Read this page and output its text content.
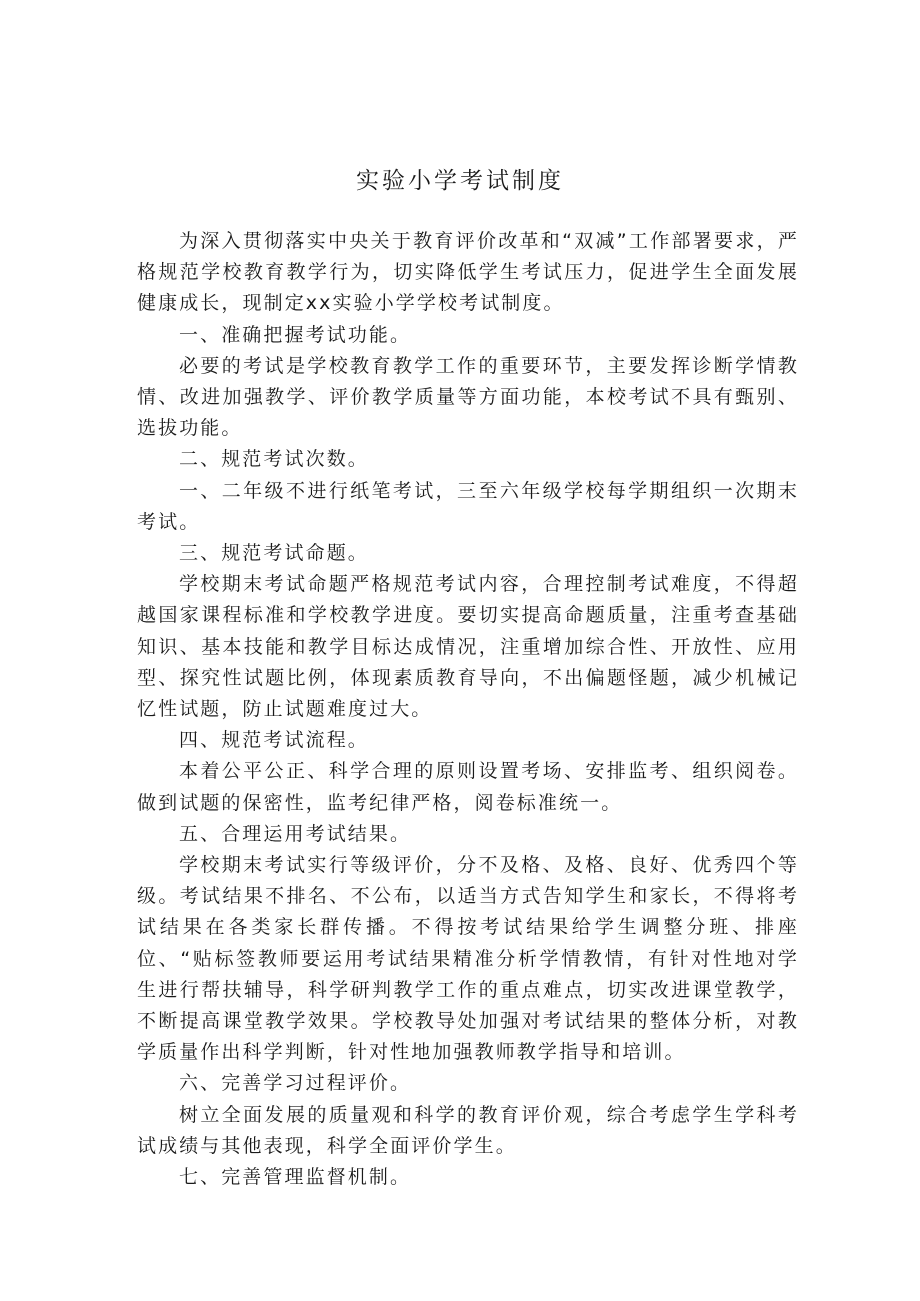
实验小学考试制度

为深入贯彻落实中央关于教育评价改革和“双减”工作部署要求，严格规范学校教育教学行为，切实降低学生考试压力，促进学生全面发展健康成长，现制定xx实验小学学校考试制度。

一、准确把握考试功能。

必要的考试是学校教育教学工作的重要环节，主要发挥诊断学情教情、改进加强教学、评价教学质量等方面功能，本校考试不具有甄别、选拔功能。

二、规范考试次数。

一、二年级不进行纸笔考试，三至六年级学校每学期组织一次期末考试。

三、规范考试命题。

学校期末考试命题严格规范考试内容，合理控制考试难度，不得超越国家课程标准和学校教学进度。要切实提高命题质量，注重考查基础知识、基本技能和教学目标达成情况，注重增加综合性、开放性、应用型、探究性试题比例，体现素质教育导向，不出偏题怪题，减少机械记忆性试题，防止试题难度过大。

四、规范考试流程。

本着公平公正、科学合理的原则设置考场、安排监考、组织阅卷。做到试题的保密性，监考纪律严格，阅卷标准统一。

五、合理运用考试结果。

学校期末考试实行等级评价，分不及格、及格、良好、优秀四个等级。考试结果不排名、不公布，以适当方式告知学生和家长，不得将考试结果在各类家长群传播。不得按考试结果给学生调整分班、排座位、“贴标签教师要运用考试结果精准分析学情教情，有针对性地对学生进行帮扶辅导，科学研判教学工作的重点难点，切实改进课堂教学，不断提高课堂教学效果。学校教导处加强对考试结果的整体分析，对教学质量作出科学判断，针对性地加强教师教学指导和培训。

六、完善学习过程评价。

树立全面发展的质量观和科学的教育评价观，综合考虑学生学科考试成绩与其他表现，科学全面评价学生。

七、完善管理监督机制。
